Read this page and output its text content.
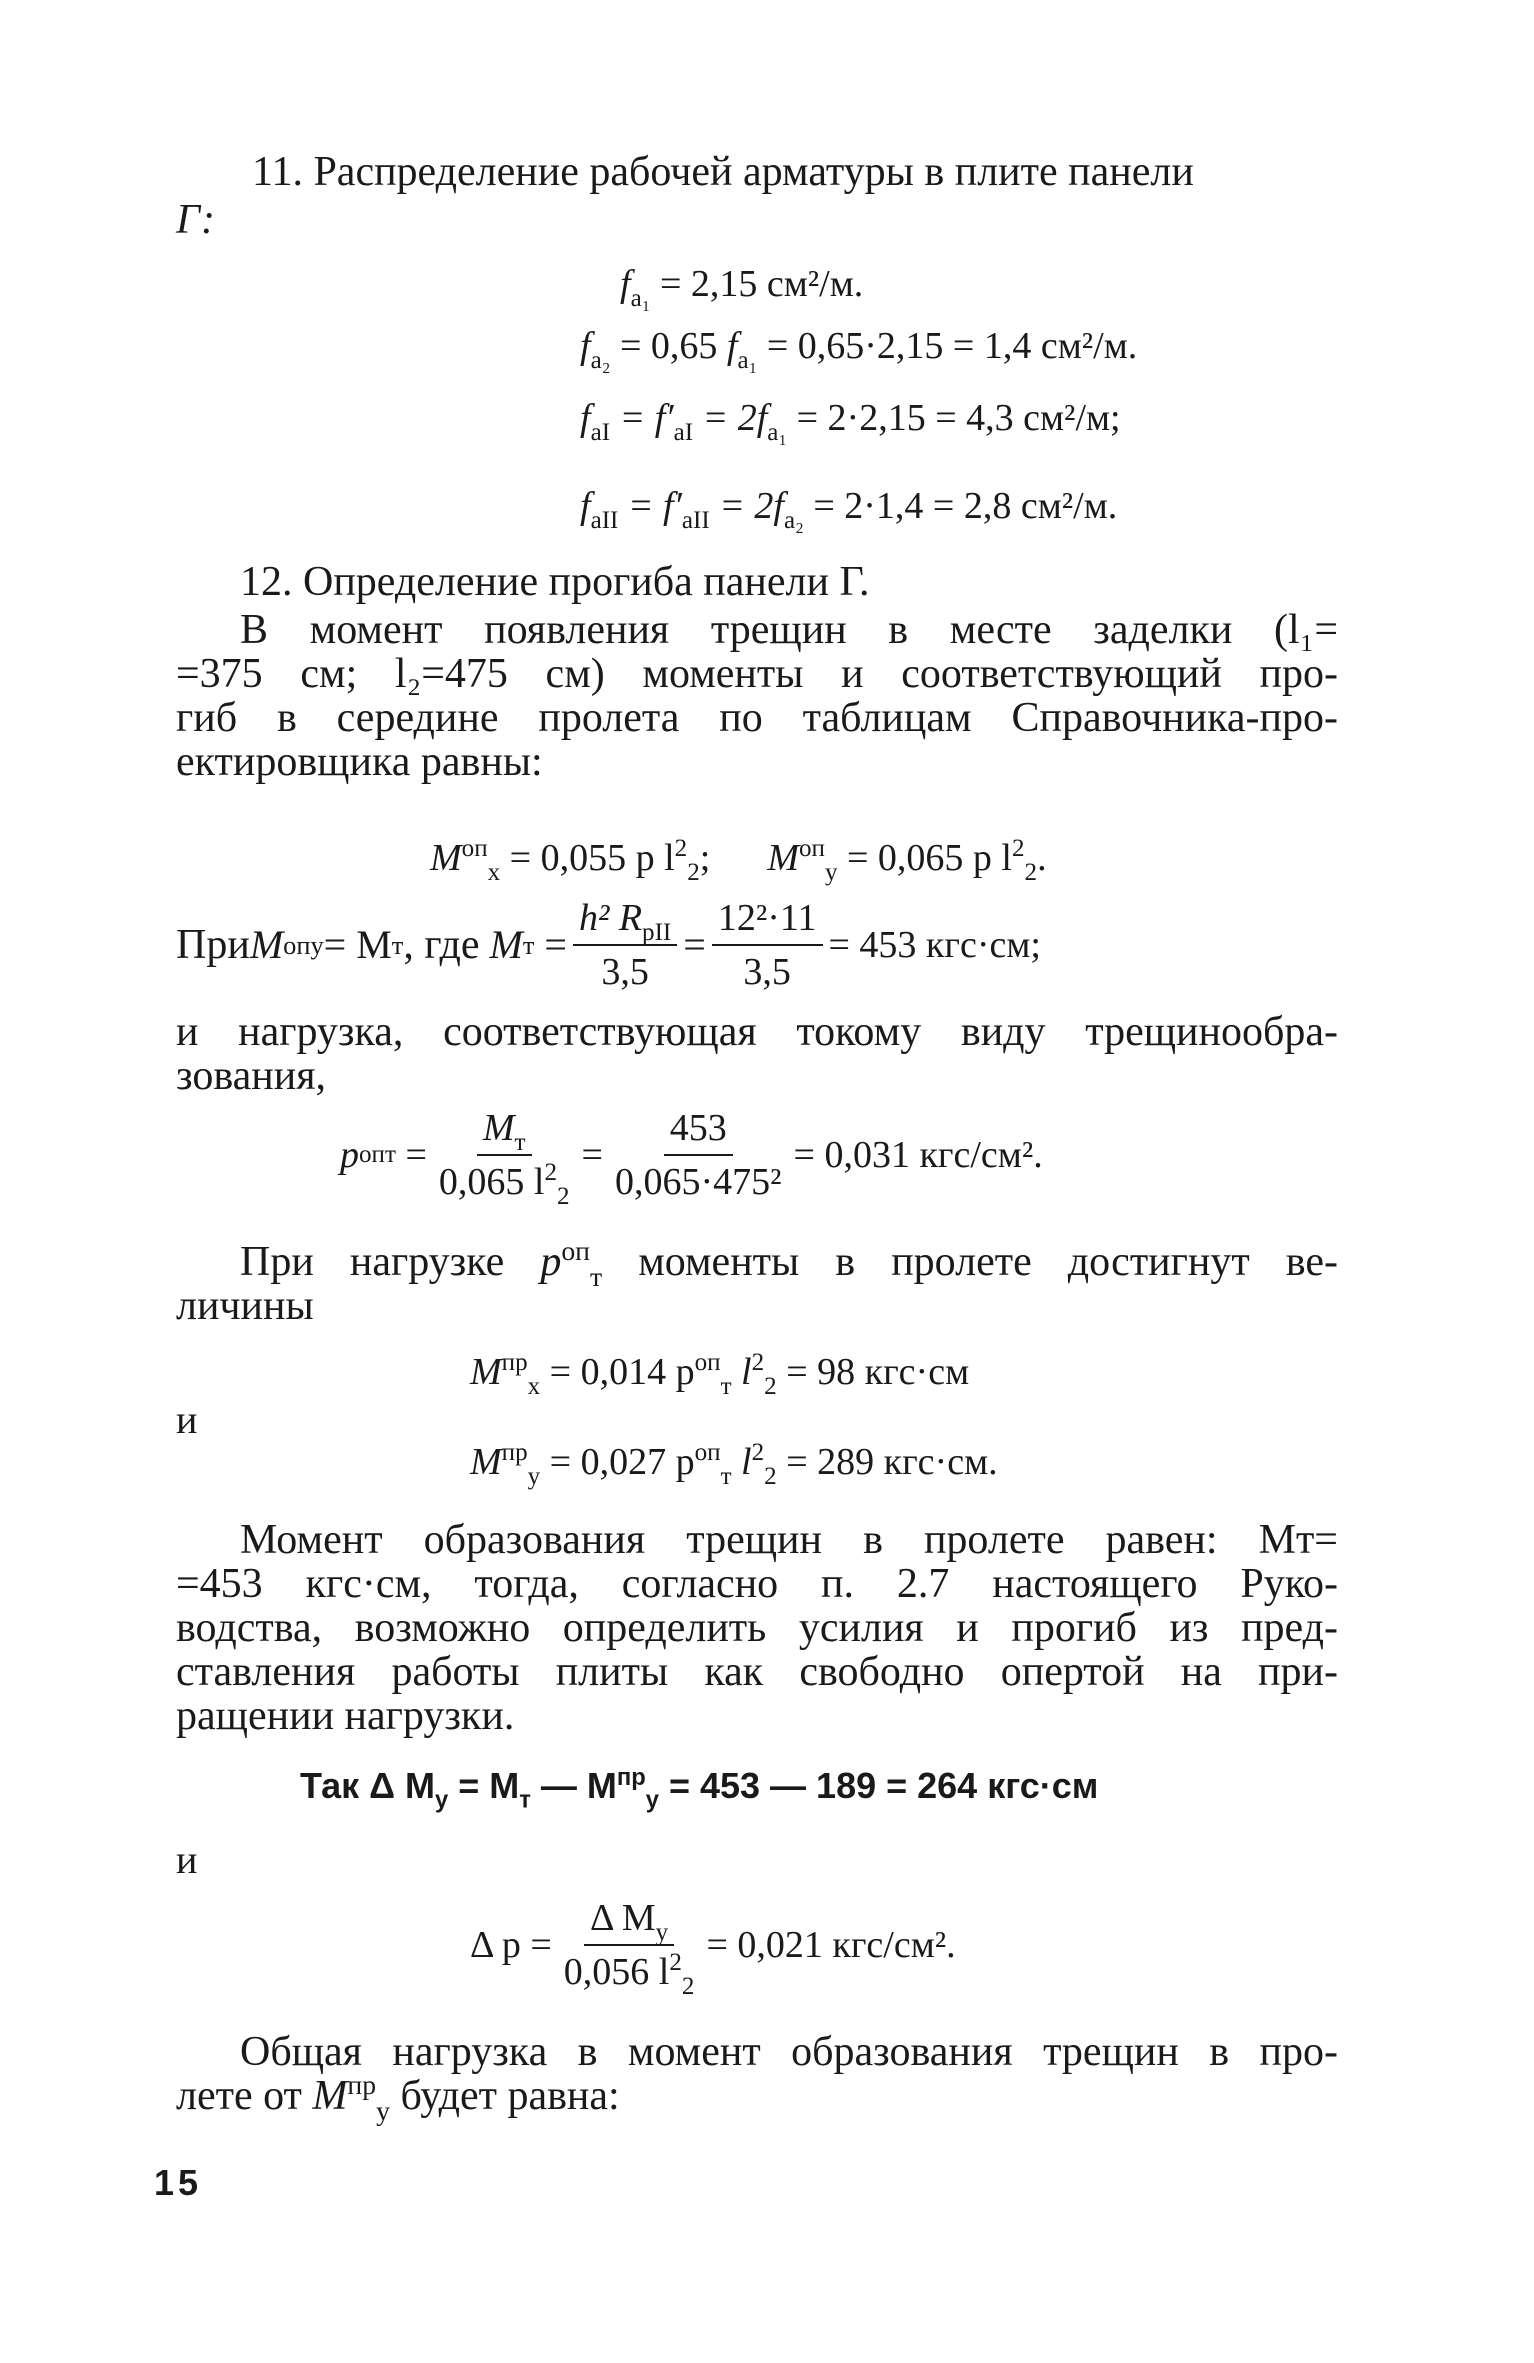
11. Распределение рабочей арматуры в плите панели
Г:
$f_{a_1} = 2,15$ см²/м.
$f_{a_2} = 0,65$ $f_{a_1} = 0,65\cdot 2,15 = 1,4$ см²/м.
$f_{aI} = f'_{aI} = 2f_{a_1} = 2\cdot 2,15 = 4,3$ см²/м;
$f_{aII} = f'_{aII} = 2f_{a_2} = 2\cdot 1,4 = 2,8$ см²/м.
12. Определение прогиба панели Г.
В момент появления трещин в месте заделки (l₁=
=375 см; l₂=475 см) моменты и соответствующий про-
гиб в середине пролета по таблицам Справочника-про-
ектировщика равны:
$M^{оп}_x = 0,055$ p $l^2_2$;      $M^{оп}_y = 0,065$ p $l^2_2$.
При M оп y = M т , где
M $т = \frac{h^2 R_{pII}}{3,5} = \frac{\text{12²·11}}{3,5} = 453$ кгс·см;
и нагрузка, соответствующая токому виду трещинообра-
зования,
p оп $т = \frac{M_т}{0,065 l^2_2} = \frac{453}{\text{0,065·475²}} = 0,031$ кгс/см².
При нагрузке $p^{оп}_т$ моменты в пролете достигнут ве-
личины
$M^{пр}_x = 0,014$ $p^{оп}_т$ $l^2_2 = 98$ кгс·см
и
$M^{пр}_y = 0,027$ $p^{оп}_т$ $l^2_2 = 289$ кгс·см.
Момент образования трещин в пролете равен: Mт=
=453 кгс·см, тогда, согласно п. 2.7 настоящего Руко-
водства, возможно определить усилия и прогиб из пред-
ставления работы плиты как свободно опертой на при-
ращении нагрузки.
Так Δ $M_y = M_т$ — $M^{пр}_y = 453$ — 189 = 264 кгс·см
и
Δ $p = \frac{\Delta M_y}{0,056 l^2_2} = 0,021$ кгс/см².
Общая нагрузка в момент образования трещин в про-
лете от $M^{пр}_y$ будет равна:
15
